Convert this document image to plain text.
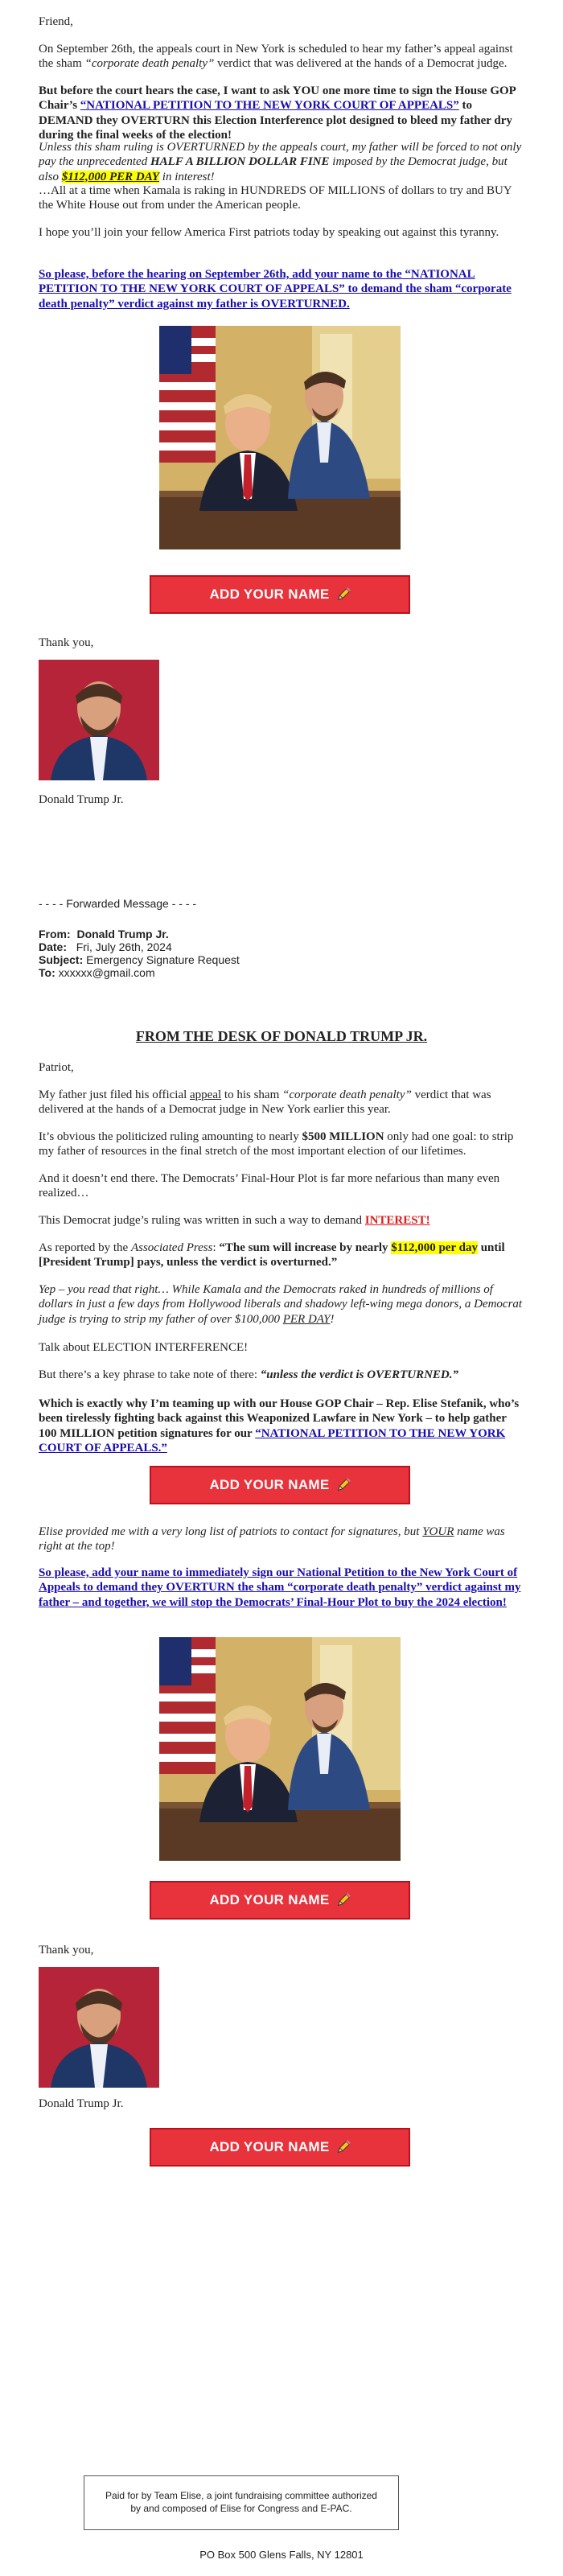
Friend,

On September 26th, the appeals court in New York is scheduled to hear my father’s appeal against the sham “corporate death penalty” verdict that was delivered at the hands of a Democrat judge.

But before the court hears the case, I want to ask YOU one more time to sign the House GOP Chair’s “NATIONAL PETITION TO THE NEW YORK COURT OF APPEALS” to DEMAND they OVERTURN this Election Interference plot designed to bleed my father dry during the final weeks of the election!

Unless this sham ruling is OVERTURNED by the appeals court, my father will be forced to not only pay the unprecedented HALF A BILLION DOLLAR FINE imposed by the Democrat judge, but also $112,000 PER DAY in interest!

…All at a time when Kamala is raking in HUNDREDS OF MILLIONS of dollars to try and BUY the White House out from under the American people.

I hope you’ll join your fellow America First patriots today by speaking out against this tyranny.

So please, before the hearing on September 26th, add your name to the “NATIONAL PETITION TO THE NEW YORK COURT OF APPEALS” to demand the sham “corporate death penalty” verdict against my father is OVERTURNED.

ADD YOUR NAME

Thank you,

Donald Trump Jr.

- - - - Forwarded Message - - - -

From: Donald Trump Jr.
Date: Fri, July 26th, 2024
Subject: Emergency Signature Request
To: xxxxxx@gmail.com

FROM THE DESK OF DONALD TRUMP JR.

Patriot,

My father just filed his official appeal to his sham “corporate death penalty” verdict that was delivered at the hands of a Democrat judge in New York earlier this year.

It’s obvious the politicized ruling amounting to nearly $500 MILLION only had one goal: to strip my father of resources in the final stretch of the most important election of our lifetimes.

And it doesn’t end there. The Democrats’ Final-Hour Plot is far more nefarious than many even realized…

This Democrat judge’s ruling was written in such a way to demand INTEREST!

As reported by the Associated Press: “The sum will increase by nearly $112,000 per day until [President Trump] pays, unless the verdict is overturned.”

Yep – you read that right… While Kamala and the Democrats raked in hundreds of millions of dollars in just a few days from Hollywood liberals and shadowy left-wing mega donors, a Democrat judge is trying to strip my father of over $100,000 PER DAY!

Talk about ELECTION INTERFERENCE!

But there’s a key phrase to take note of there: “unless the verdict is OVERTURNED.”

Which is exactly why I’m teaming up with our House GOP Chair – Rep. Elise Stefanik, who’s been tirelessly fighting back against this Weaponized Lawfare in New York – to help gather 100 MILLION petition signatures for our “NATIONAL PETITION TO THE NEW YORK COURT OF APPEALS.”

ADD YOUR NAME

Elise provided me with a very long list of patriots to contact for signatures, but YOUR name was right at the top!

So please, add your name to immediately sign our National Petition to the New York Court of Appeals to demand they OVERTURN the sham “corporate death penalty” verdict against my father – and together, we will stop the Democrats’ Final-Hour Plot to buy the 2024 election!

ADD YOUR NAME

Thank you,

Donald Trump Jr.

ADD YOUR NAME
Paid for by Team Elise, a joint fundraising committee authorized by and composed of Elise for Congress and E-PAC.
PO Box 500 Glens Falls, NY 12801
